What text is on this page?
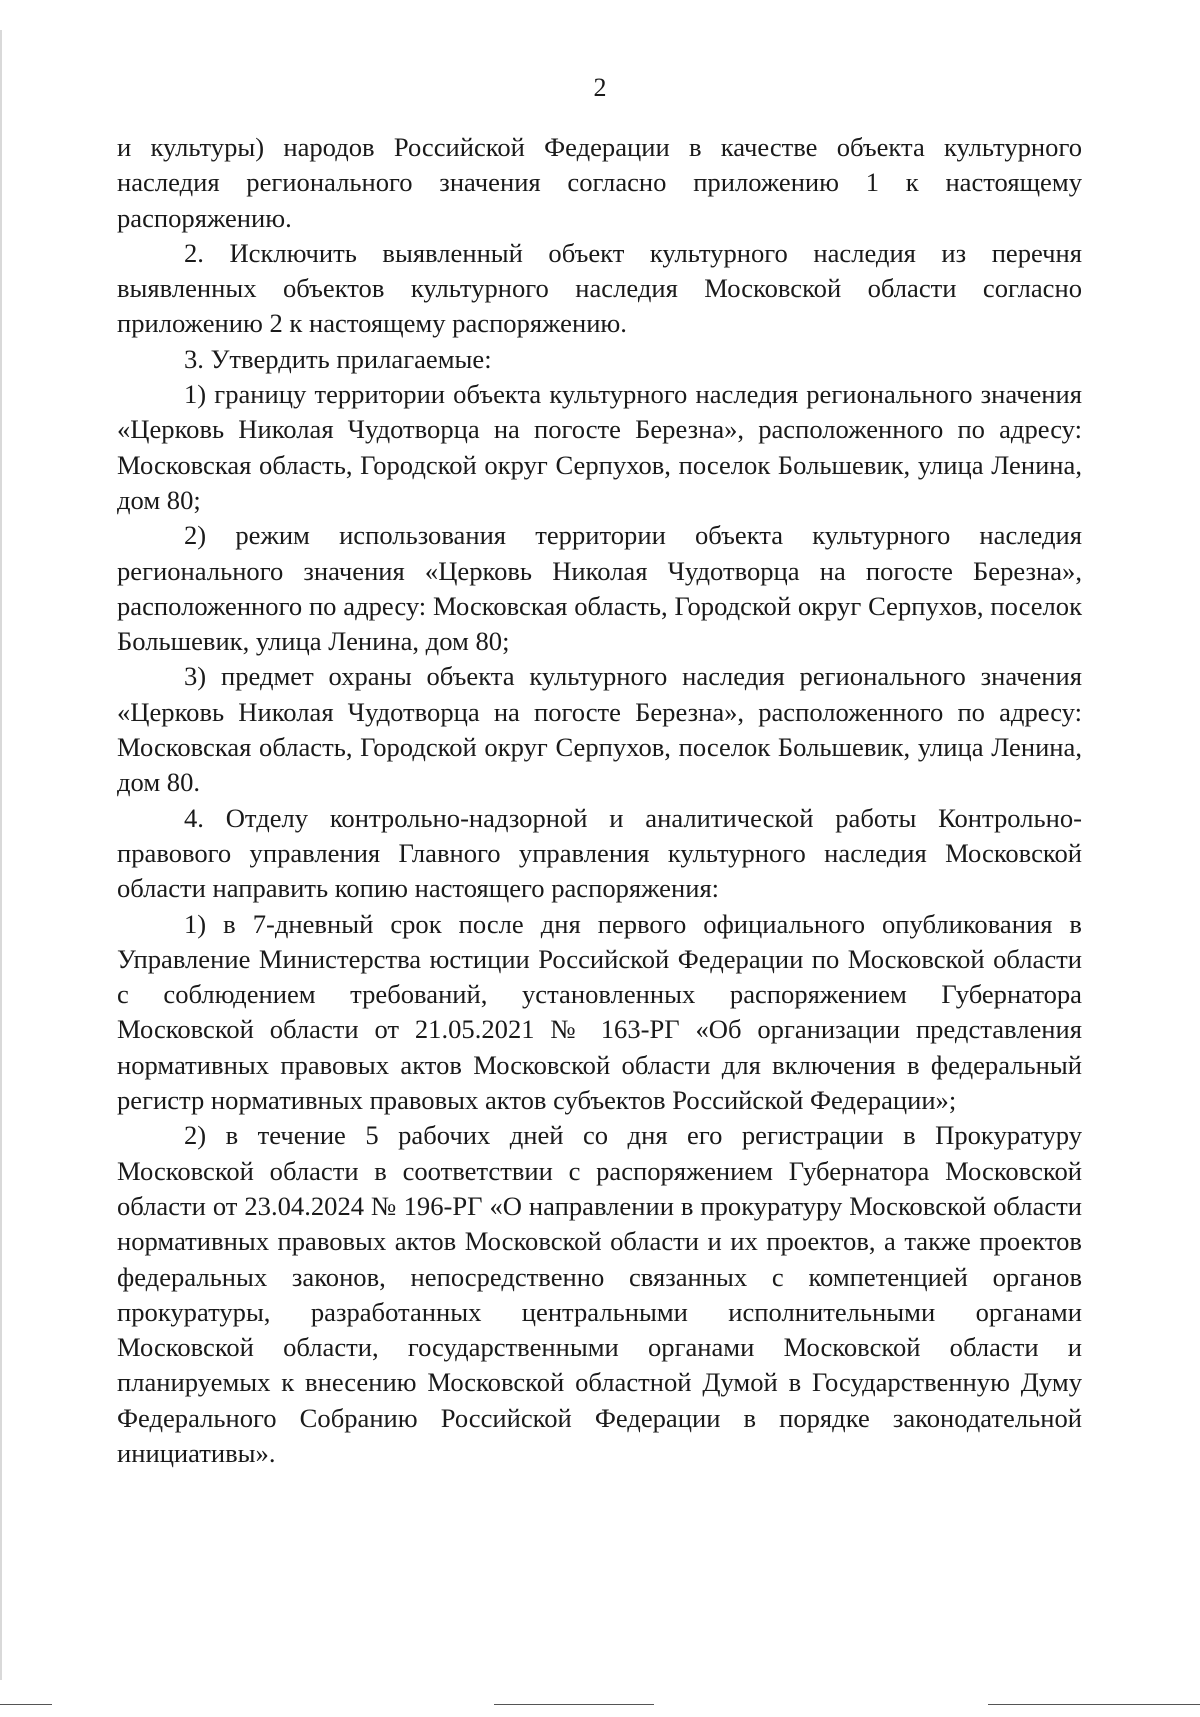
2

и культуры) народов Российской Федерации в качестве объекта культурного наследия регионального значения согласно приложению 1 к настоящему распоряжению.

2. Исключить выявленный объект культурного наследия из перечня выявленных объектов культурного наследия Московской области согласно приложению 2 к настоящему распоряжению.

3. Утвердить прилагаемые:

1) границу территории объекта культурного наследия регионального значения «Церковь Николая Чудотворца на погосте Березна», расположенного по адресу: Московская область, Городской округ Серпухов, поселок Большевик, улица Ленина, дом 80;

2) режим использования территории объекта культурного наследия регионального значения «Церковь Николая Чудотворца на погосте Березна», расположенного по адресу: Московская область, Городской округ Серпухов, поселок Большевик, улица Ленина, дом 80;

3) предмет охраны объекта культурного наследия регионального значения «Церковь Николая Чудотворца на погосте Березна», расположенного по адресу: Московская область, Городской округ Серпухов, поселок Большевик, улица Ленина, дом 80.

4. Отделу контрольно-надзорной и аналитической работы Контрольно-правового управления Главного управления культурного наследия Московской области направить копию настоящего распоряжения:

1) в 7-дневный срок после дня первого официального опубликования в Управление Министерства юстиции Российской Федерации по Московской области с соблюдением требований, установленных распоряжением Губернатора Московской области от 21.05.2021 № 163-РГ «Об организации представления нормативных правовых актов Московской области для включения в федеральный регистр нормативных правовых актов субъектов Российской Федерации»;

2) в течение 5 рабочих дней со дня его регистрации в Прокуратуру Московской области в соответствии с распоряжением Губернатора Московской области от 23.04.2024 № 196-РГ «О направлении в прокуратуру Московской области нормативных правовых актов Московской области и их проектов, а также проектов федеральных законов, непосредственно связанных с компетенцией органов прокуратуры, разработанных центральными исполнительными органами Московской области, государственными органами Московской области и планируемых к внесению Московской областной Думой в Государственную Думу Федерального Собранию Российской Федерации в порядке законодательной инициативы».
